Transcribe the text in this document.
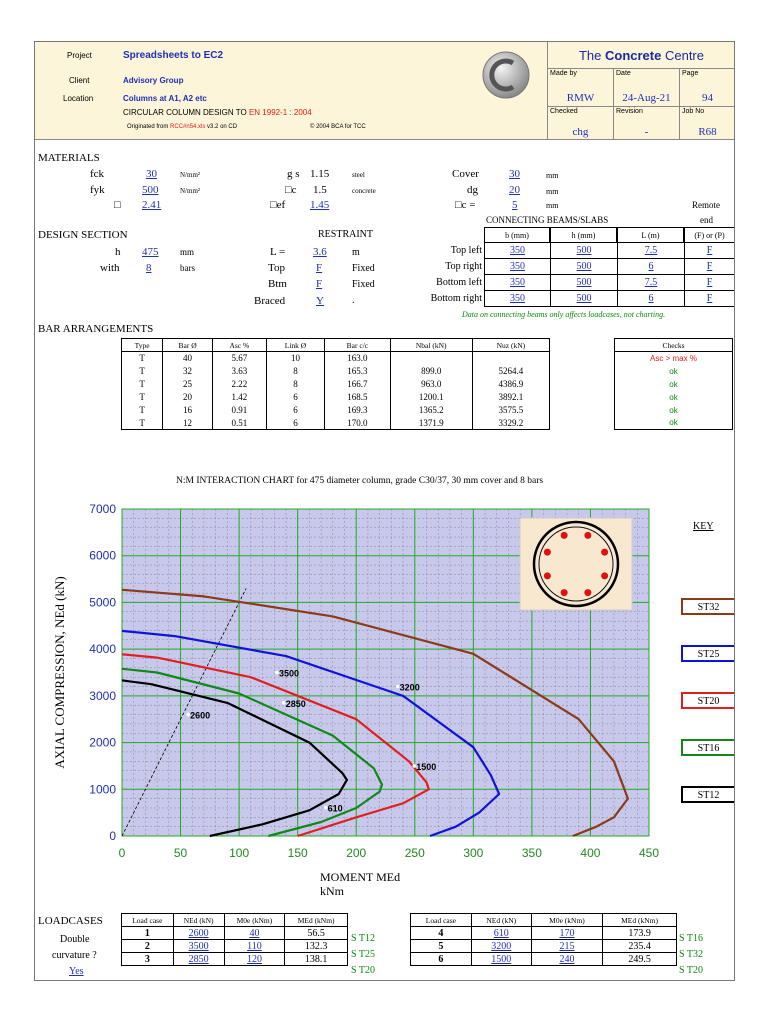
Project	Spreadsheets to EC2
Client	Advisory Group
Location	Columns at A1, A2 etc
CIRCULAR COLUMN DESIGN TO EN 1992-1 : 2004
Originated from RCC#n54.xls v3.2 on CD	© 2004 BCA for TCC
The Concrete Centre
Made by
RMW
Date
24-Aug-21
Page
94
Checked
chg
Revision
-
Job No
R68
MATERIALS
fck	30	N/mm²
fyk	500	N/mm²
□ 2.41
g s 1.15	steel
□c 1.5	concrete
□ef 1.45
Cover	30	mm
dg	20	mm
□c =	5	mm
DESIGN SECTION
h 475 mm
with 8	bars
RESTRAINT
L =	3.6	m
Top	F	Fixed
Btm	F	Fixed
Braced	Y	.
CONNECTING BEAMS/SLABS
Remote
end
b (mm)	h (mm)	L (m)	(F) or (P)
Top left	350	500	7.5	F
Top right	350	500	6	F
Bottom left	350	500	7.5	F
Bottom right	350	500	6	F
Data on connecting beams only affects loadcases, not charting.
BAR ARRANGEMENTS
Type	Bar Ø	Asc %	Link Ø	Bar c/c	Nbal (kN)	Nuz (kN)
T	40	5.67	10	163.0		
T	32	3.63	8	165.3	899.0	5264.4
T	25	2.22	8	166.7	963.0	4386.9
T	20	1.42	6	168.5	1200.1	3892.1
T	16	0.91	6	169.3	1365.2	3575.5
T	12	0.51	6	170.0	1371.9	3329.2
Checks
Asc > max %
ok
ok
ok
ok
ok
N:M INTERACTION CHART for 475 diameter column, grade C30/37, 30 mm cover and 8 bars
0	50	100	150	200	250	300	350	400	450
0
1000
2000
3000
4000
5000
6000
7000
AXIAL COMPRESSION, NEd (kN)	2600
3500
2850
610
3200
1500
KEY
ST32
ST25
ST20
ST16
ST12
MOMENT MEd
kNm
LOADCASES
Double
curvature ?
Yes
Load case	NEd (kN)	M0e (kNm)	MEd (kNm)
1	2600	40	56.5
2	3500	110	132.3
3	2850	120	138.1
Load case	NEd (kN)	M0e (kNm)	MEd (kNm)
4	610	170	173.9
5	3200	215	235.4
6	1500	240	249.5
S T12
S T25
S T20
S T16
S T32
S T20
